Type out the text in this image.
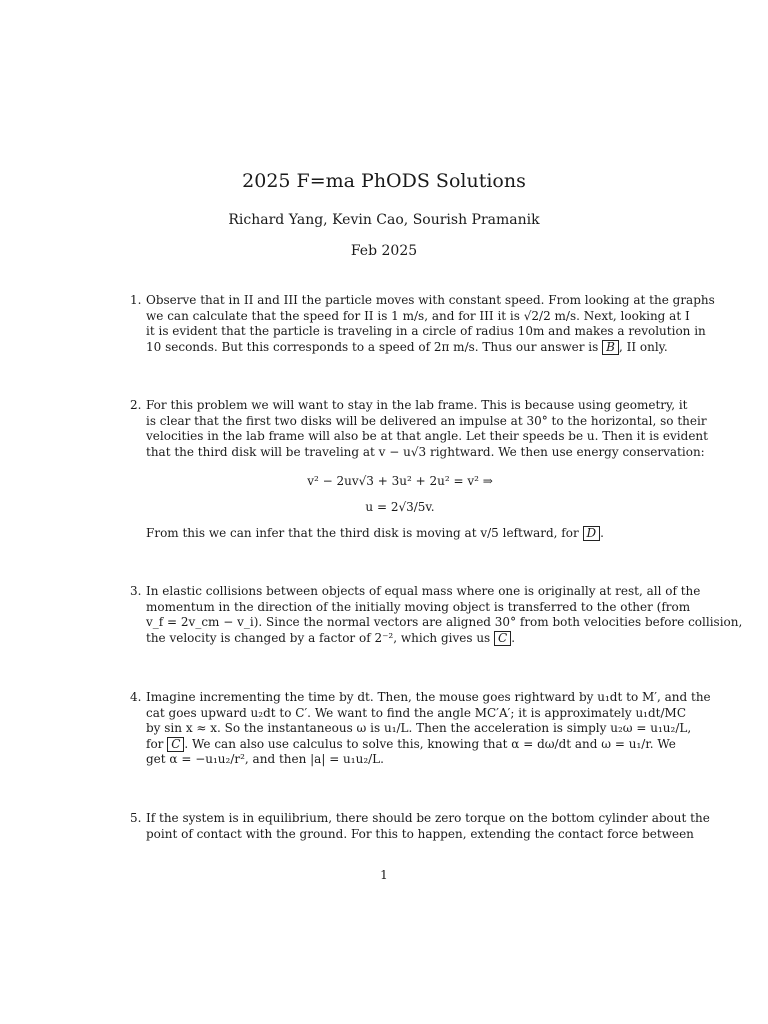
2025 F=ma PhODS Solutions
Richard Yang, Kevin Cao, Sourish Pramanik
Feb 2025
1. Observe that in II and III the particle moves with constant speed. From looking at the graphs
we can calculate that the speed for II is 1 m/s, and for III it is √2/2 m/s. Next, looking at I
it is evident that the particle is traveling in a circle of radius 10m and makes a revolution in
10 seconds. But this corresponds to a speed of 2π m/s. Thus our answer is B , II only.
2. For this problem we will want to stay in the lab frame. This is because using geometry, it
is clear that the first two disks will be delivered an impulse at 30° to the horizontal, so their
velocities in the lab frame will also be at that angle. Let their speeds be u. Then it is evident
that the third disk will be traveling at v − u√3 rightward. We then use energy conservation:
v² − 2uv√3 + 3u² + 2u² = v² ⇒
u = 2√3/5v.
From this we can infer that the third disk is moving at v/5 leftward, for D .
3. In elastic collisions between objects of equal mass where one is originally at rest, all of the
momentum in the direction of the initially moving object is transferred to the other (from
v_f = 2v_cm − v_i). Since the normal vectors are aligned 30° from both velocities before collision,
the velocity is changed by a factor of 2⁻², which gives us C .
4. Imagine incrementing the time by dt. Then, the mouse goes rightward by u₁dt to M′, and the
cat goes upward u₂dt to C′. We want to find the angle MC′A′; it is approximately u₁dt/MC
by sin x ≈ x. So the instantaneous ω is u₁/L. Then the acceleration is simply u₂ω = u₁u₂/L,
for C . We can also use calculus to solve this, knowing that α = dω/dt and ω = u₁/r. We
get α = −u₁u₂/r², and then |a| = u₁u₂/L.
5. If the system is in equilibrium, there should be zero torque on the bottom cylinder about the
point of contact with the ground. For this to happen, extending the contact force between
1
